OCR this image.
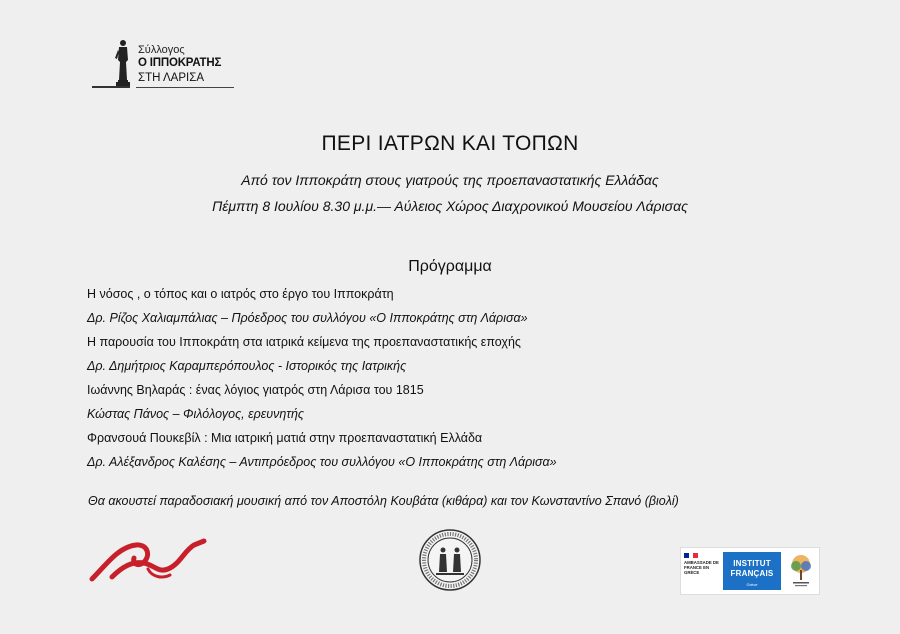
Σύλλογος
Ο ΙΠΠΟΚΡΑΤΗΣ
ΣΤΗ ΛΑΡΙΣΑ
ΠΕΡΙ ΙΑΤΡΩΝ ΚΑΙ ΤΟΠΩΝ
Από τον Ιπποκράτη στους γιατρούς της προεπαναστατικής Ελλάδας
Πέμπτη 8 Ιουλίου 8.30 μ.μ.— Αύλειος Χώρος Διαχρονικού Μουσείου Λάρισας
Πρόγραμμα
Η νόσος , ο τόπος και ο ιατρός στο έργο του Ιπποκράτη
Δρ. Ρίζος Χαλιαμπάλιας – Πρόεδρος του συλλόγου «Ο Ιπποκράτης στη Λάρισα»
Η παρουσία του Ιπποκράτη στα ιατρικά κείμενα της προεπαναστατικής εποχής
Δρ. Δημήτριος Καραμπερόπουλος - Ιστορικός της Ιατρικής
Ιωάννης Βηλαράς : ένας λόγιος γιατρός στη Λάρισα του 1815
Κώστας Πάνος – Φιλόλογος, ερευνητής
Φρανσουά Πουκεβίλ : Μια ιατρική ματιά στην προεπαναστατική Ελλάδα
Δρ. Αλέξανδρος Καλέσης – Αντιπρόεδρος του συλλόγου «Ο Ιπποκράτης στη Λάρισα»
Θα ακουστεί παραδοσιακή μουσική από τον Αποστόλη Κουβάτα (κιθάρα) και τον Κωνσταντίνο Σπανό (βιολί)
AMBASSADE DE FRANCE EN GRÈCE
INSTITUT
FRANÇAIS
Grèce
